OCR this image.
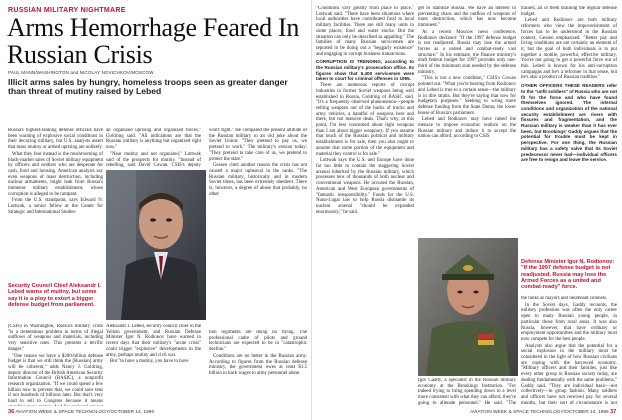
RUSSIAN MILITARY NIGHTMARE
Arms Hemorrhage Feared In Russian Crisis
PAUL MANN/WASHINGTON and NICOLAY NOVICHKOV/MOSCOW
Illicit arms sales by hungry, homeless troops seen as greater danger than threat of mutiny raised by Lebed

Russia's highest-ranking defense officials have been warning of explosive social conditions in their decaying military, but U.S. analysts assert that mass mutiny or armed uprising are unlikely.

What they fear instead is the mushrooming of black-market sales of Soviet military equipment by officers and soldiers who are desperate for cash, food and housing. American analysts say even weapons of mass destruction, including nuclear armaments, might leak from Russia's immense military establishment, whose corruption is alleged to be rampant.

From the U.S. standpoint, says Edward N. Luttwak, a senior fellow at the Center for Strategic and International Studies

Security Council Chief Aleksandr I. Lebed warns of mutiny, but some say it is a ploy to extort a bigger defense budget from parliament.

(CSIS) in Washington, Russia's military crisis "is a tremendous problem in terms of illegal outflows of weapons and materials, including very sensitive ones. This presents a terrific danger."

"One reason we have a $200-billion defense budget is that we still think the [Russian] army will be coherent," adds Nancy J. Goldring, deputy director of the British American Security Information Council (BASIC), a nonprofit research organization. "If we could spend a few billion now to prevent that, we could save tens if not hundreds of billions later. But that's very hard to sell to Congress because it means

Aleksandr I. Lebed, security council chief in the Yeltsin government, and Russian Defense Minister Igor N. Rodionov have warned in recent days that their military's "acute crisis" could trigger "explosive" developments in the army, perhaps mutiny and civil war.

But "to have a mutiny, you have to have

an organized uprising and organized forces," Goldring said. "All indications are that the Russian military is anything but organized right now."

"Near mutiny and not organized," Luttwak said of the prospects for mutiny. "Instead of rebelling, said David Cowan, CSIS's deputy

won't fight." He compared the present attitude of the Russian military to an old joke about the Soviet Union: "They pretend to pay us, we pretend to work." The military's version today: "They pretend to take care of us, we pretend to protect the state."

Gessen cited another reason the crisis has not caused a major upheaval in the ranks. "The Russian military, historically and in modern Soviet times, has been extremely obedient. There is, however, a degree of abuse that probably, no other

tion regiments are doing no flying. The professional cadre of pilots and ground technicians are expected to be in "catastrophic decline."

Conditions are no better in the Russian army. According to figures from the Russian defense ministry, the government owes at least $1.5 billion in back wages to army personnel alone.

"Conditions vary greatly from place to place," Luttwak said. "There have been situations where local authorities have contributed food to local military facilities. There are still many units in some places, food and water stocks. But the situation can only be described as appalling." The families of many Russian servicemen are reported to be doing out a "beggarly existence" and engaging in corrupt business transactions.

CORRUPTION IS TRENDING, according to the Russian military's prosecution office. Its figures show that 5,400 servicemen were taken to court for criminal offenses in 1995.

There are numerous reports of corrupt industries in former Soviet weapons being well established in Russia, Goldring of BASIC said. "It's a frequently observed phenomenon—people selling weapons out of the backs of trucks and army vehicles, a handful of weapons here and there, but not massive deals. That's why, at this point, I'm less concerned about light weapons than I am about bigger weaponry. If you assume that much of the Russian political and military establishment is for sale, then you also ought to assume that some portion of the equipment and material they control is for sale."

Luttwak says the U.S. and Europe have done far too little to contain the staggering Soviet arsenal inherited by the Russian military, which possesses tens of thousands of both nuclear and conventional weapons. He accused the Russian, American and West European governments of "fantastic irresponsibility." Funds for the U.S. Nunn-Lugar law to help Russia dismantle its nuclear arsenal "should be expanded enormously," he said.

get to stabilize Russia. We have an interest in preventing chaos and the outflow of weapons of mass destruction, which has now become imminent."

At a recent Moscow news conference, Rodionov declared: "If the 1997 defense budget is not readjusted, Russia may lose the armed forces as a united and combat-ready vast structure." In his estimate, the finance ministry's draft federal budget for 1997 provides only one-third of the minimum sum needed by the defense ministry.

"This is not a new condition," CSIS's Cowan pointed out. "What you're hearing from Rodionov and Lebed is true to a certain sense—the military is in dire straits. But they're saying that now for budgetary purposes." Seeking to wring more defense funding from the State Duma, the lower house of Russia's parliament.

Lebed and Rodionov may have raised the menace to impose economic realism on the Russian military and induce it to accept the nation can afford, according to CSIS

Igor Gaddy, a specialist in the Russian military economy at the Brookings Institution. "For indeed trying to bring spending down to a level more consistent with what they can afford, they're going to alienate personnel." He said. "The

trained, all of them draining the regular defense budget.

Lebed and Rodionov are both military reformers who view the impoverishment of forces has to be understood in the Russian context, Gessen emphasized. "Better pay and living conditions are not certainly an element of it, but the goal of both individuals is to put together a mobile, powerful, effective military. You're not going to get a powerful force out of this. Lebed is known for his anti-corruption campaigns and he's a reformer in that sense, but he's also a product of Russian tradition."

OTHER OFFICERS THESE READERS refer to the "unfit soldiers" of Russia who are not fit for the force and who have found themselves ignored. The internal conditions and organization of the national security establishment are rivers with fissures and fragmentation, and the Russian military is weaker than it has ever been, but Brookings' Gaddy argues that the potential for trouble must be kept in perspective. For one thing, the Russian military has a safety valve that its Soviet predecessor never had—individual officers are free to resign and leave the service.

Defense Minister Igor N. Rodionov: "If the 1997 defense budget is not readjusted, Russia may lose the Armed Forces as a united and combat-ready" force.

the ranks as mayors and lieutenant colonels.

In the Soviet days, Gaddy recounts, the military profession was often the only career open to many Russian young people, in particular those from rural areas. It was also Russia, however, that have ordinary or employment opportunities and the military must now compete for the best people.

Analysts also argue that the potential for a social explosion in the military must be considered in the light of how Russian civilians are coping with the harrowed economy. "Military officers and their families, just like every other group in Russian society today, are dealing fundamentally with the same problems," Gaddy said. "They are individual basic—not collectively—in group fashion. Many soldiers and officers have not received pay for several months, but their sort of circumstance is not

36 AVIATION WEEK & SPACE TECHNOLOGY/OCTOBER 14, 1996	AVIATION WEEK & SPACE TECHNOLOGY/OCTOBER 14, 1996 37
